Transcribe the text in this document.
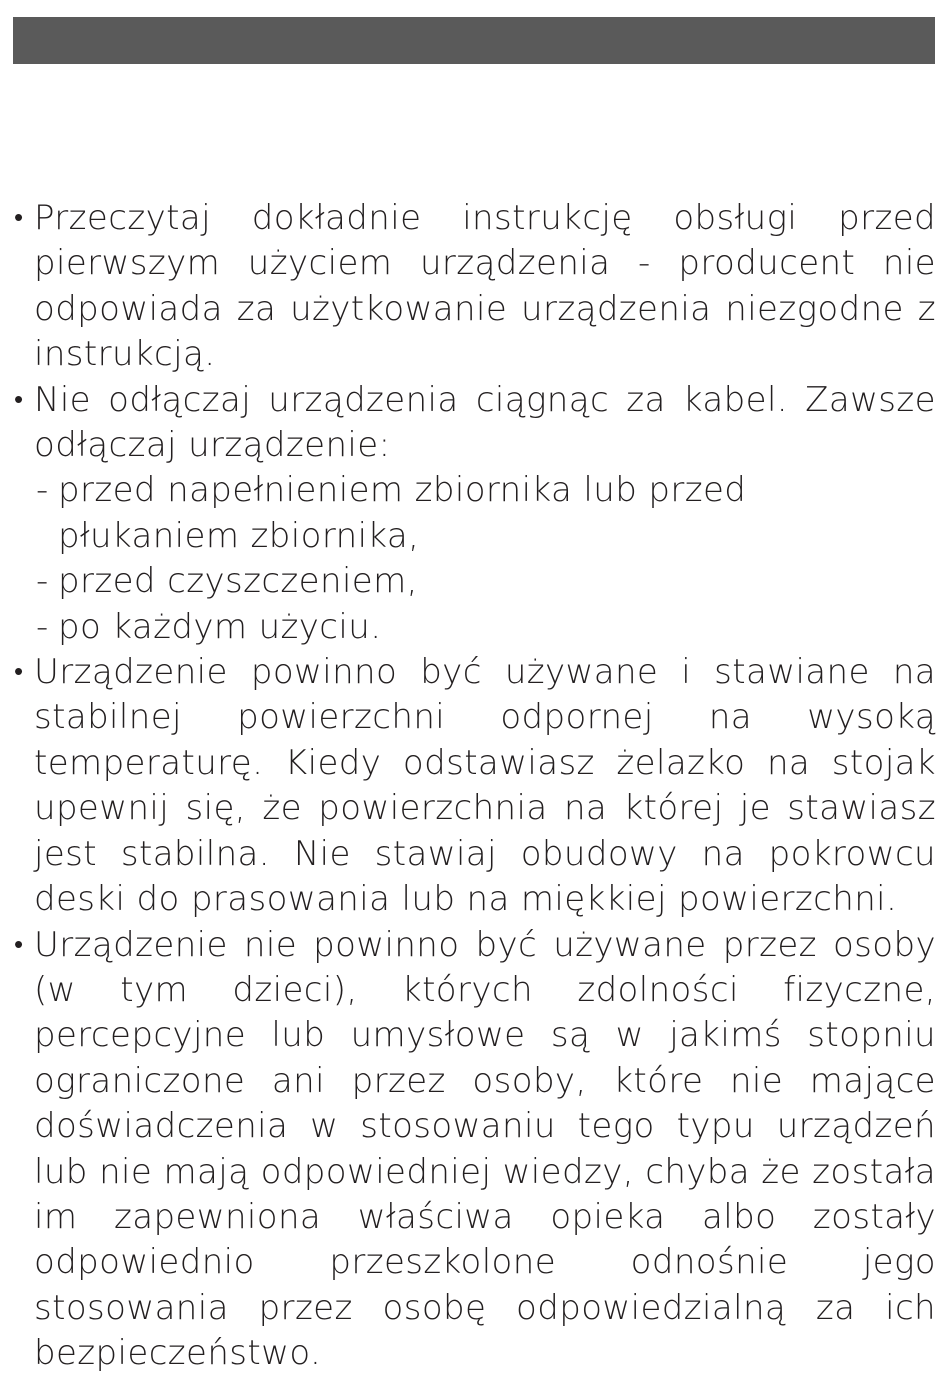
• Przeczytaj dokładnie instrukcję obsługi przed pierwszym użyciem urządzenia - producent nie odpowiada za użytkowanie urządzenia niezgodne z instrukcją.
• Nie odłączaj urządzenia ciągnąc za kabel. Zawsze odłączaj urządzenie:
- przed napełnieniem zbiornika lub przed płukaniem zbiornika,
- przed czyszczeniem,
- po każdym użyciu.
• Urządzenie powinno być używane i stawiane na stabilnej powierzchni odpornej na wysoką temperaturę. Kiedy odstawiasz żelazko na stojak upewnij się, że powierzchnia na której je stawiasz jest stabilna. Nie stawiaj obudowy na pokrowcu deski do prasowania lub na miękkiej powierzchni.
• Urządzenie nie powinno być używane przez osoby (w tym dzieci), których zdolności fizyczne, percepcyjne lub umysłowe są w jakimś stopniu ograniczone ani przez osoby, które nie mające doświadczenia w stosowaniu tego typu urządzeń lub nie mają odpowiedniej wiedzy, chyba że została im zapewniona właściwa opieka albo zostały odpowiednio przeszkolone odnośnie jego stosowania przez osobę odpowiedzialną za ich bezpieczeństwo.
